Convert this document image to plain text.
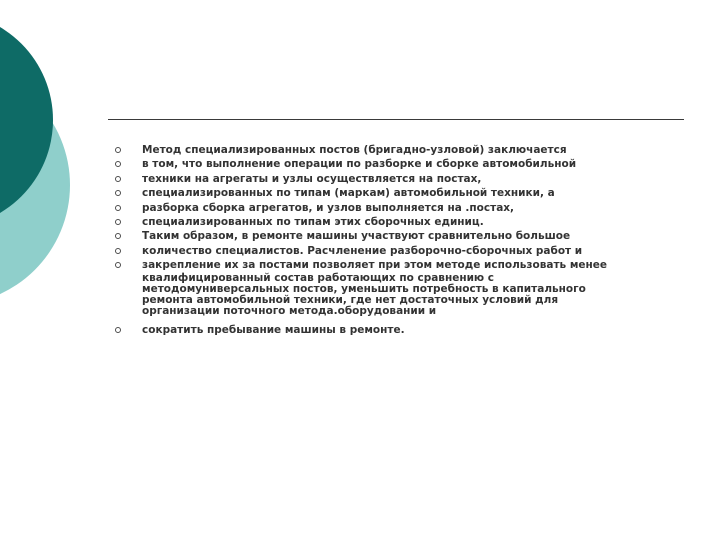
Метод специализированных постов (бригадно-узловой) заключается
в том, что выполнение операции по разборке и сборке автомобильной
техники на агрегаты и узлы осуществляется на постах,
специализированных по типам (маркам) автомобильной техники, а
разборка сборка агрегатов, и узлов выполняется на .постах,
специализированных по типам этих сборочных единиц.
Таким образом, в ремонте машины участвуют сравнительно большое
количество специалистов. Расчленение разборочно-сборочных работ и
закрепление их за постами позволяет при этом методе использовать менее
квалифицированный состав работающих по сравнению с
методомуниверсальных постов, уменьшить потребность в капитального
ремонта автомобильной техники, где нет достаточных условий для
организации поточного метода.оборудовании и
сократить пребывание машины в ремонте.
